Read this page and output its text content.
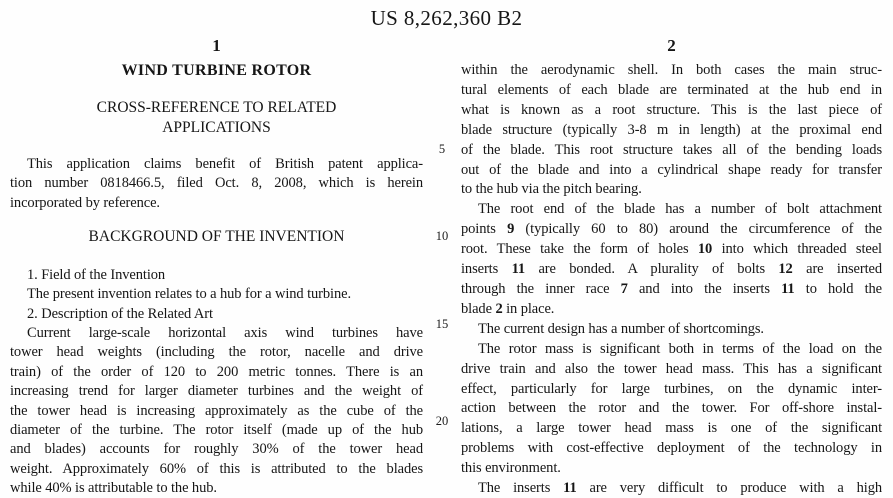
US 8,262,360 B2
5
10
15
20
1
WIND TURBINE ROTOR
CROSS-REFERENCE TO RELATED
APPLICATIONS
This application claims benefit of British patent applica-
tion number 0818466.5, filed Oct. 8, 2008, which is herein
incorporated by reference.
BACKGROUND OF THE INVENTION
1. Field of the Invention
The present invention relates to a hub for a wind turbine.
2. Description of the Related Art
Current large-scale horizontal axis wind turbines have
tower head weights (including the rotor, nacelle and drive
train) of the order of 120 to 200 metric tonnes. There is an
increasing trend for larger diameter turbines and the weight of
the tower head is increasing approximately as the cube of the
diameter of the turbine. The rotor itself (made up of the hub
and blades) accounts for roughly 30% of the tower head
weight. Approximately 60% of this is attributed to the blades
while 40% is attributable to the hub.
2
within the aerodynamic shell. In both cases the main struc-
tural elements of each blade are terminated at the hub end in
what is known as a root structure. This is the last piece of
blade structure (typically 3-8 m in length) at the proximal end
of the blade. This root structure takes all of the bending loads
out of the blade and into a cylindrical shape ready for transfer
to the hub via the pitch bearing.
The root end of the blade has a number of bolt attachment
points 9 (typically 60 to 80) around the circumference of the
root. These take the form of holes 10 into which threaded steel
inserts 11 are bonded. A plurality of bolts 12 are inserted
through the inner race 7 and into the inserts 11 to hold the
blade 2 in place.
The current design has a number of shortcomings.
The rotor mass is significant both in terms of the load on the
drive train and also the tower head mass. This has a significant
effect, particularly for large turbines, on the dynamic inter-
action between the rotor and the tower. For off-shore instal-
lations, a large tower head mass is one of the significant
problems with cost-effective deployment of the technology in
this environment.
The inserts 11 are very difficult to produce with a high
